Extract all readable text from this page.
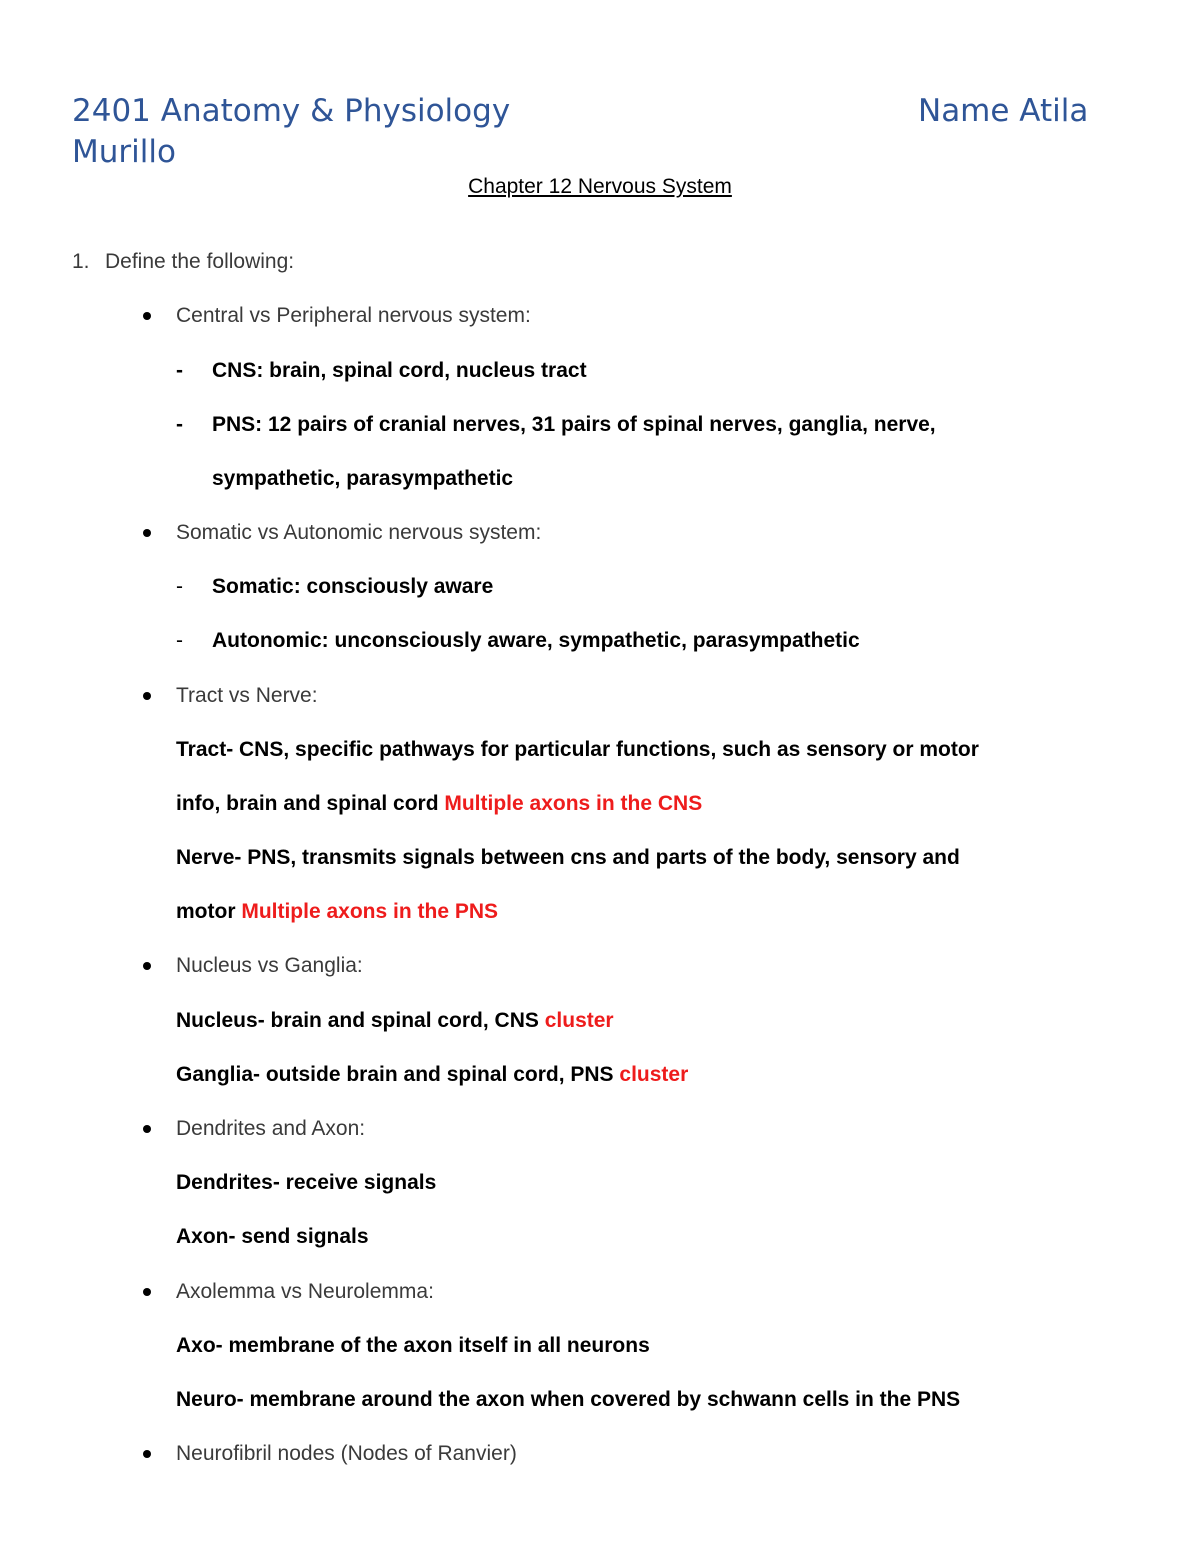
2401 Anatomy & Physiology	Name Atila
Murillo
Chapter 12 Nervous System
1. Define the following:
Central vs Peripheral nervous system:
- CNS: brain, spinal cord, nucleus tract
- PNS: 12 pairs of cranial nerves, 31 pairs of spinal nerves, ganglia, nerve,
sympathetic, parasympathetic
Somatic vs Autonomic nervous system:
- Somatic: consciously aware
- Autonomic: unconsciously aware, sympathetic, parasympathetic
Tract vs Nerve:
Tract- CNS, specific pathways for particular functions, such as sensory or motor
info, brain and spinal cord Multiple axons in the CNS
Nerve- PNS, transmits signals between cns and parts of the body, sensory and
motor Multiple axons in the PNS
Nucleus vs Ganglia:
Nucleus- brain and spinal cord, CNS cluster
Ganglia- outside brain and spinal cord, PNS cluster
Dendrites and Axon:
Dendrites- receive signals
Axon- send signals
Axolemma vs Neurolemma:
Axo- membrane of the axon itself in all neurons
Neuro- membrane around the axon when covered by schwann cells in the PNS
Neurofibril nodes (Nodes of Ranvier)
